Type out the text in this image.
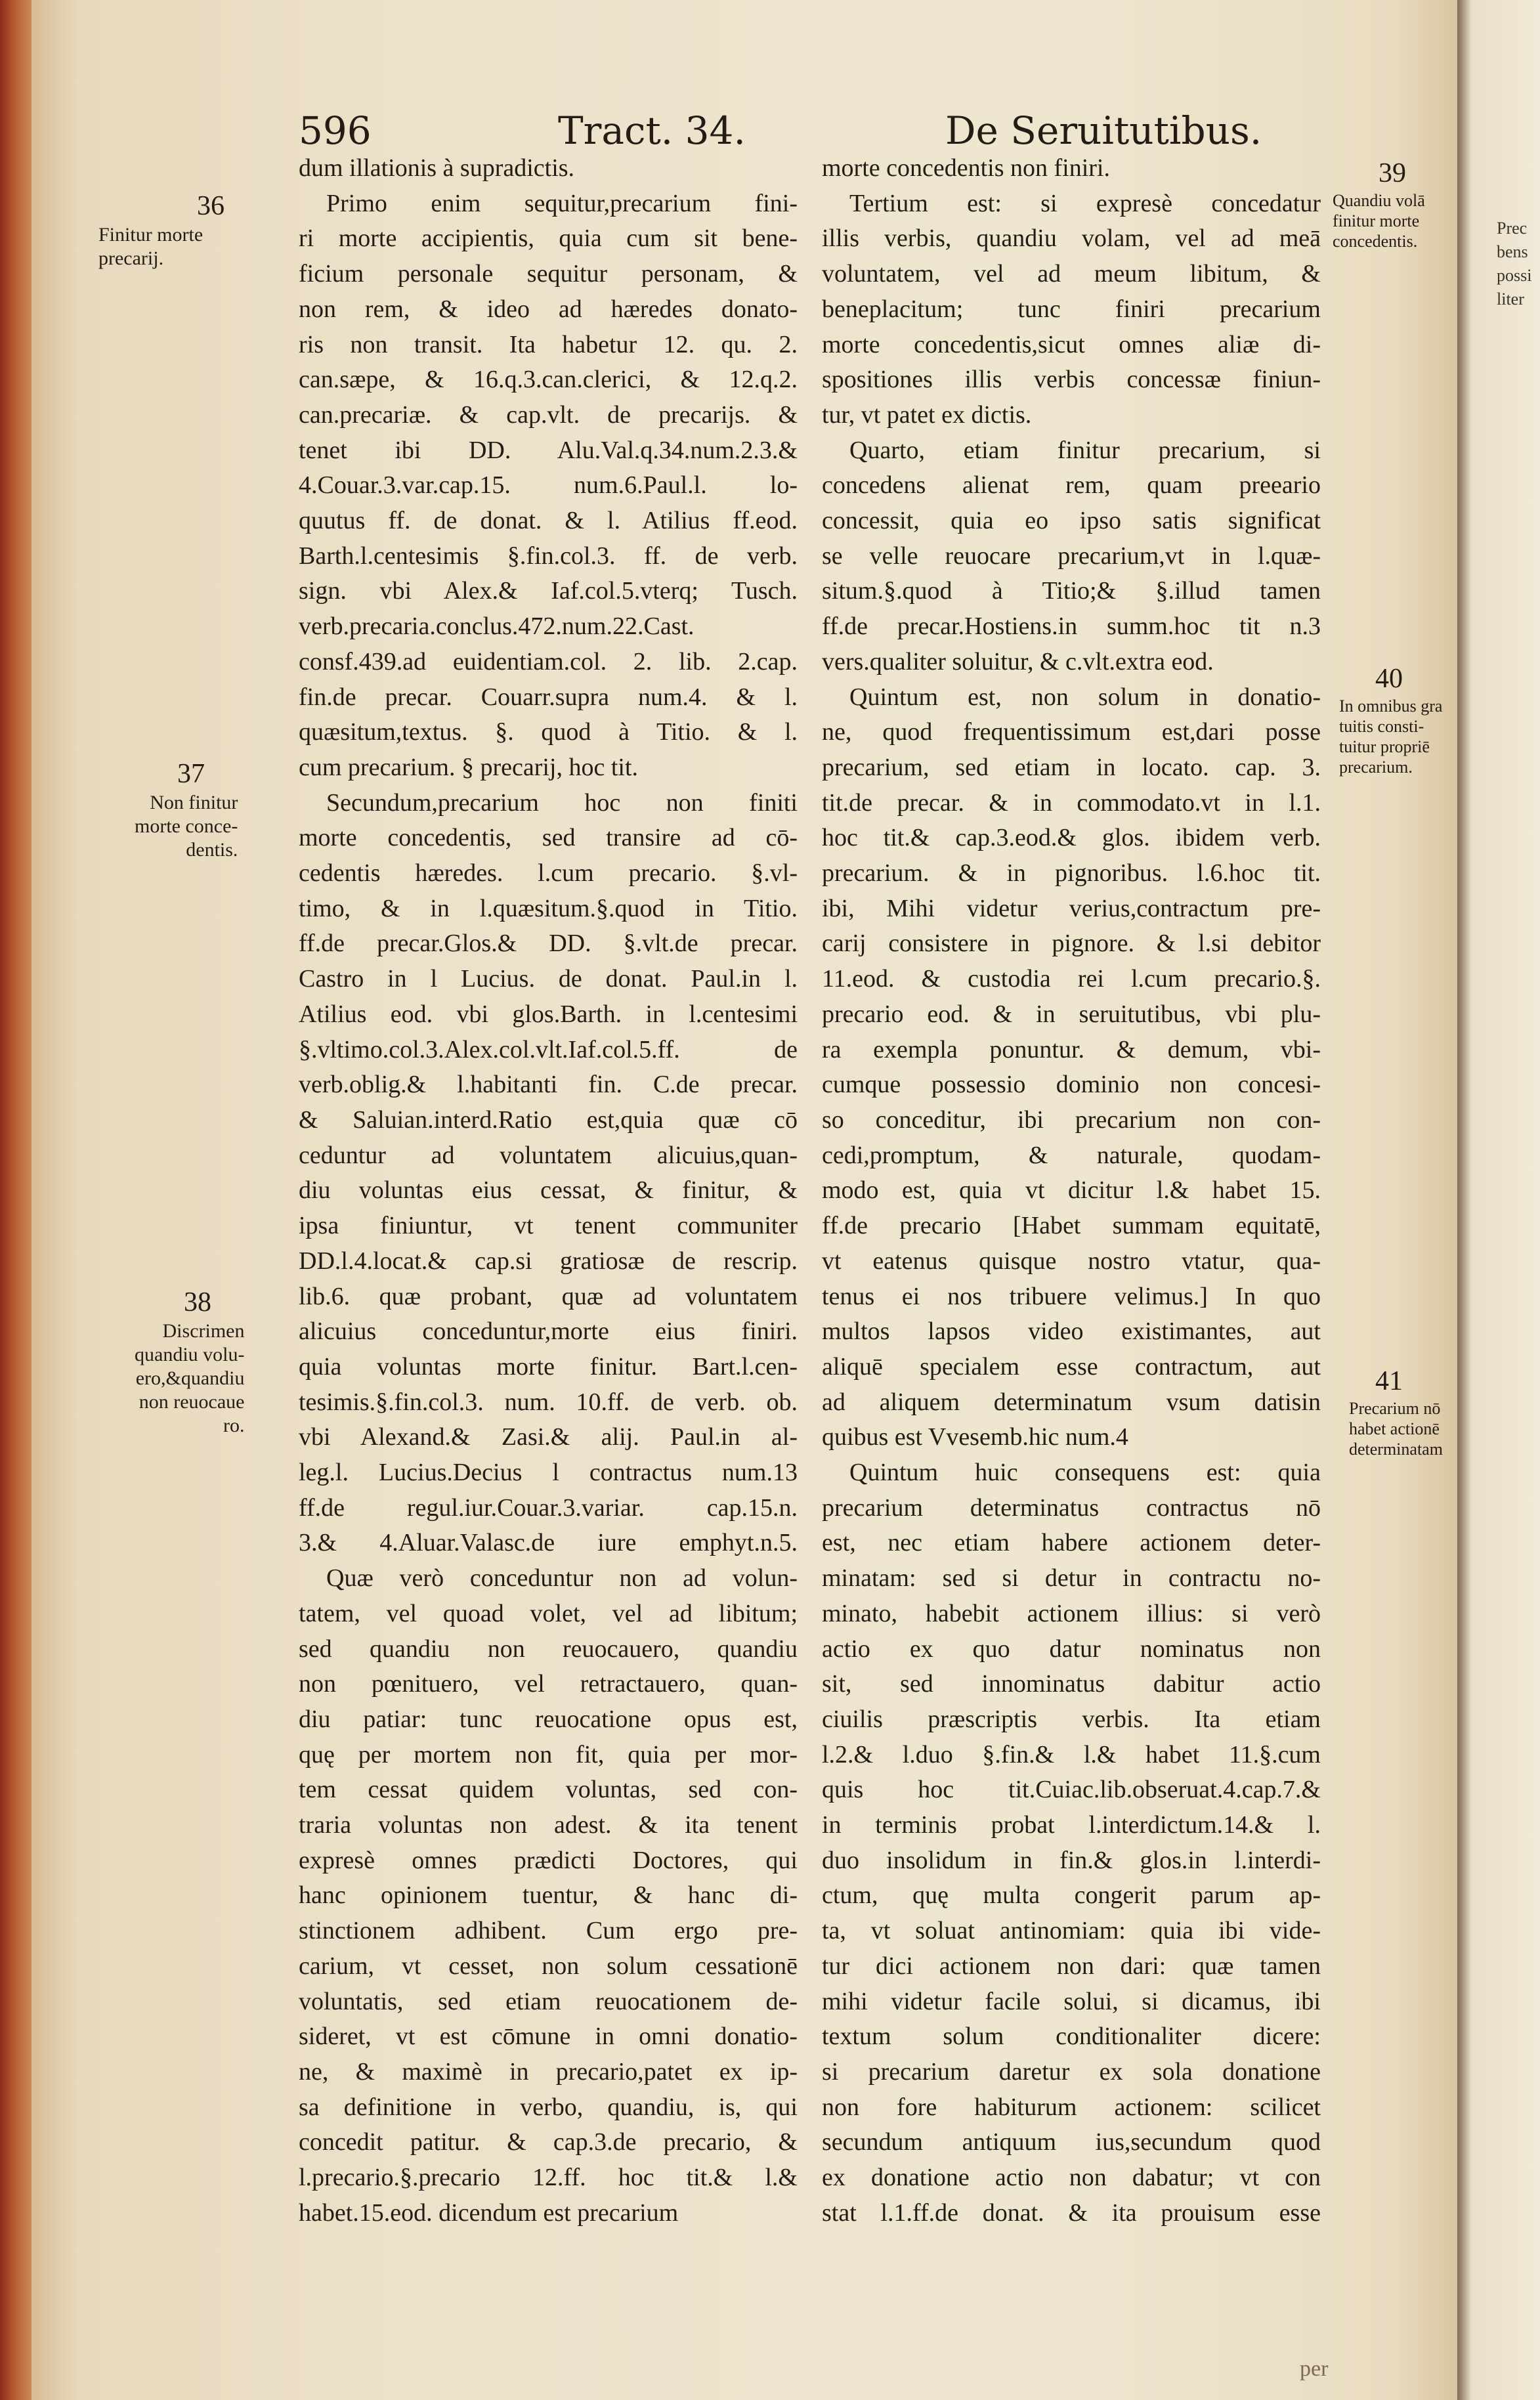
596	Tract. 34.	De Seruitutibus.
dum illationis à supradictis.
Primo enim sequitur,precarium fini-
ri morte accipientis, quia cum sit bene-
ficium personale sequitur personam, &
non rem, & ideo ad hæredes donato-
ris non transit. Ita habetur 12. qu. 2.
can.sæpe, & 16.q.3.can.clerici, & 12.q.2.
can.precariæ. & cap.vlt. de precarijs. &
tenet ibi DD. Alu.Val.q.34.num.2.3.&
4.Couar.3.var.cap.15. num.6.Paul.l. lo-
quutus ff. de donat. & l. Atilius ff.eod.
Barth.l.centesimis §.fin.col.3. ff. de verb.
sign. vbi Alex.& Iaf.col.5.vterq; Tusch.
verb.precaria.conclus.472.num.22.Cast.
consf.439.ad euidentiam.col. 2. lib. 2.cap.
fin.de precar. Couarr.supra num.4. & l.
quæsitum,textus. §. quod à Titio. & l.
cum precarium. § precarij, hoc tit.
Secundum,precarium hoc non finiti
morte concedentis, sed transire ad cō-
cedentis hæredes. l.cum precario. §.vl-
timo, & in l.quæsitum.§.quod in Titio.
ff.de precar.Glos.& DD. §.vlt.de precar.
Castro in l Lucius. de donat. Paul.in l.
Atilius eod. vbi glos.Barth. in l.centesimi
§.vltimo.col.3.Alex.col.vlt.Iaf.col.5.ff. de
verb.oblig.& l.habitanti fin. C.de precar.
& Saluian.interd.Ratio est,quia quæ cō
ceduntur ad voluntatem alicuius,quan-
diu voluntas eius cessat, & finitur, &
ipsa finiuntur, vt tenent communiter
DD.l.4.locat.& cap.si gratiosæ de rescrip.
lib.6. quæ probant, quæ ad voluntatem
alicuius conceduntur,morte eius finiri.
quia voluntas morte finitur. Bart.l.cen-
tesimis.§.fin.col.3. num. 10.ff. de verb. ob.
vbi Alexand.& Zasi.& alij. Paul.in al-
leg.l. Lucius.Decius l contractus num.13
ff.de regul.iur.Couar.3.variar. cap.15.n.
3.& 4.Aluar.Valasc.de iure emphyt.n.5.
Quæ verò conceduntur non ad volun-
tatem, vel quoad volet, vel ad libitum;
sed quandiu non reuocauero, quandiu
non pœnituero, vel retractauero, quan-
diu patiar: tunc reuocatione opus est,
quę per mortem non fit, quia per mor-
tem cessat quidem voluntas, sed con-
traria voluntas non adest. & ita tenent
expresè omnes prædicti Doctores, qui
hanc opinionem tuentur, & hanc di-
stinctionem adhibent. Cum ergo pre-
carium, vt cesset, non solum cessationē
voluntatis, sed etiam reuocationem de-
sideret, vt est cōmune in omni donatio-
ne, & maximè in precario,patet ex ip-
sa definitione in verbo, quandiu, is, qui
concedit patitur. & cap.3.de precario, &
l.precario.§.precario 12.ff. hoc tit.& l.&
habet.15.eod. dicendum est precarium
morte concedentis non finiri.
Tertium est: si expresè concedatur
illis verbis, quandiu volam, vel ad meā
voluntatem, vel ad meum libitum, &
beneplacitum; tunc finiri precarium
morte concedentis,sicut omnes aliæ di-
spositiones illis verbis concessæ finiun-
tur, vt patet ex dictis.
Quarto, etiam finitur precarium, si
concedens alienat rem, quam preeario
concessit, quia eo ipso satis significat
se velle reuocare precarium,vt in l.quæ-
situm.§.quod à Titio;& §.illud tamen
ff.de precar.Hostiens.in summ.hoc tit n.3
vers.qualiter soluitur, & c.vlt.extra eod.
Quintum est, non solum in donatio-
ne, quod frequentissimum est,dari posse
precarium, sed etiam in locato. cap. 3.
tit.de precar. & in commodato.vt in l.1.
hoc tit.& cap.3.eod.& glos. ibidem verb.
precarium. & in pignoribus. l.6.hoc tit.
ibi, Mihi videtur verius,contractum pre-
carij consistere in pignore. & l.si debitor
11.eod. & custodia rei l.cum precario.§.
precario eod. & in seruitutibus, vbi plu-
ra exempla ponuntur. & demum, vbi-
cumque possessio dominio non concesi-
so conceditur, ibi precarium non con-
cedi,promptum, & naturale, quodam-
modo est, quia vt dicitur l.& habet 15.
ff.de precario [Habet summam equitatē,
vt eatenus quisque nostro vtatur, qua-
tenus ei nos tribuere velimus.] In quo
multos lapsos video existimantes, aut
aliquē specialem esse contractum, aut
ad aliquem determinatum vsum datisin
quibus est Vvesemb.hic num.4
Quintum huic consequens est: quia
precarium determinatus contractus nō
est, nec etiam habere actionem deter-
minatam: sed si detur in contractu no-
minato, habebit actionem illius: si verò
actio ex quo datur nominatus non
sit, sed innominatus dabitur actio
ciuilis præscriptis verbis. Ita etiam
l.2.& l.duo §.fin.& l.& habet 11.§.cum
quis hoc tit.Cuiac.lib.obseruat.4.cap.7.&
in terminis probat l.interdictum.14.& l.
duo insolidum in fin.& glos.in l.interdi-
ctum, quę multa congerit parum ap-
ta, vt soluat antinomiam: quia ibi vide-
tur dici actionem non dari: quæ tamen
mihi videtur facile solui, si dicamus, ibi
textum solum conditionaliter dicere:
si precarium daretur ex sola donatione
non fore habiturum actionem: scilicet
secundum antiquum ius,secundum quod
ex donatione actio non dabatur; vt con
stat l.1.ff.de donat. & ita prouisum esse
36
Finitur morte
precarij.
37
Non finitur
morte conce-
dentis.
38
Discrimen
quandiu volu-
ero,&quandiu
non reuocaue
ro.
39
Quandiu volā
finitur morte
concedentis.
40
In omnibus gra
tuitis consti-
tuitur propriē
precarium.
41
Precarium nō
habet actionē
determinatam
per
Prec
bens
possi
liter
